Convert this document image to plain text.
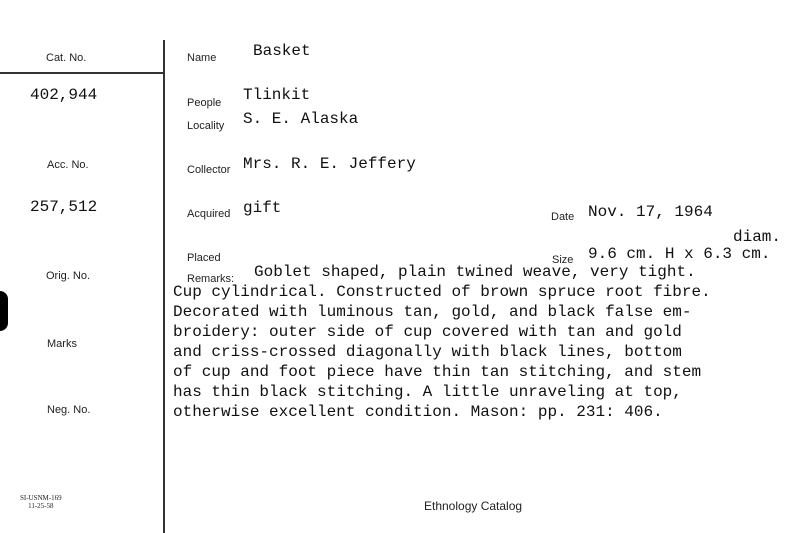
Cat. No.
402,944
Acc. No.
257,512
Orig. No.
Marks
Neg. No.
Name Basket
People Tlinkit
Locality S. E. Alaska
Collector Mrs. R. E. Jeffery
Acquired gift	Date Nov. 17, 1964
diam.
Placed	Size 9.6 cm. H x 6.3 cm.
Remarks:	Goblet shaped, plain twined weave, very tight.
Cup cylindrical. Constructed of brown spruce root fibre.
Decorated with luminous tan, gold, and black false em-
broidery: outer side of cup covered with tan and gold
and criss-crossed diagonally with black lines, bottom
of cup and foot piece have thin tan stitching, and stem
has thin black stitching. A little unraveling at top,
otherwise excellent condition. Mason: pp. 231: 406.
SI-USNM-169
11-25-58	Ethnology Catalog
